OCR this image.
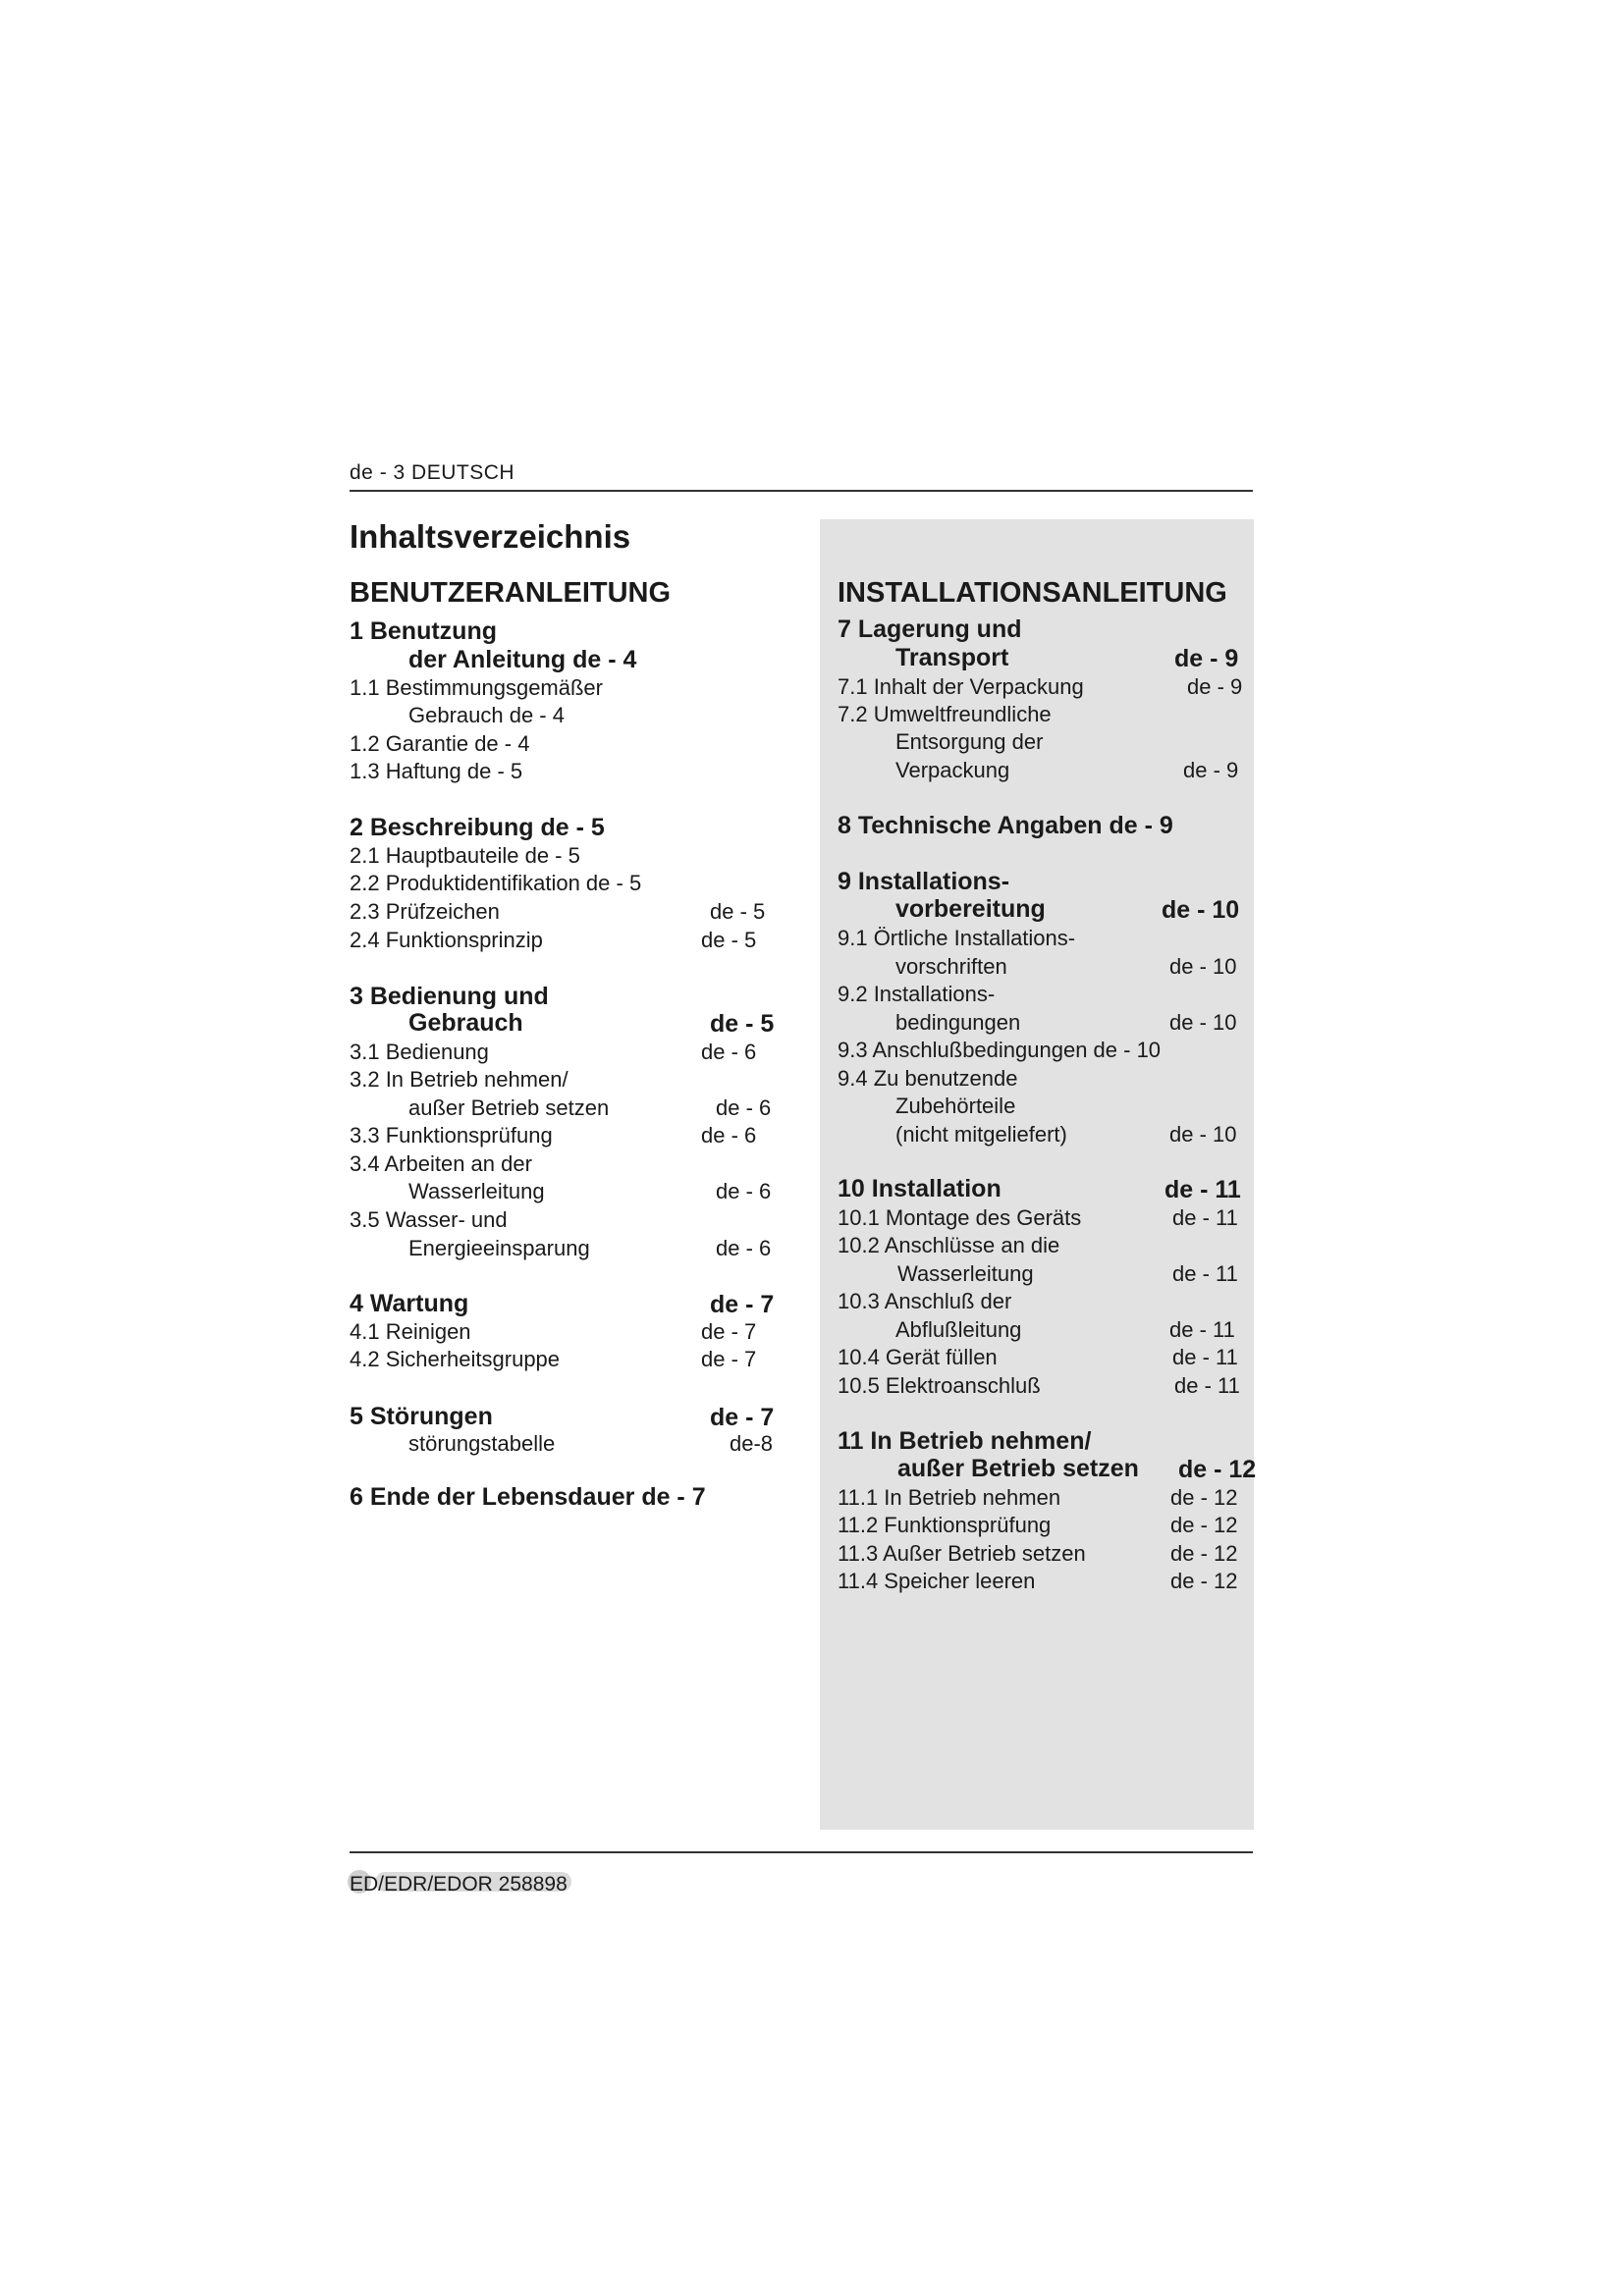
de - 3 DEUTSCH
Inhaltsverzeichnis
BENUTZERANLEITUNG	INSTALLATIONSANLEITUNG
1 Benutzung
der Anleitung de - 4
1.1 Bestimmungsgemäßer
Gebrauch de - 4
1.2 Garantie de - 4
1.3 Haftung de - 5
2 Beschreibung de - 5
2.1 Hauptbauteile de - 5
2.2 Produktidentifikation de - 5
2.3 Prüfzeichen	de - 5
2.4 Funktionsprinzip	de - 5
3 Bedienung und
Gebrauch	de - 5
3.1 Bedienung	de - 6
3.2 In Betrieb nehmen/
außer Betrieb setzen	de - 6
3.3 Funktionsprüfung	de - 6
3.4 Arbeiten an der
Wasserleitung	de - 6
3.5 Wasser- und
Energieeinsparung	de - 6
4 Wartung	de - 7
4.1 Reinigen	de - 7
4.2 Sicherheitsgruppe	de - 7
5 Störungen	de - 7
störungstabelle	de-8
6 Ende der Lebensdauer de - 7
7 Lagerung und
Transport	de - 9
7.1 Inhalt der Verpackung	de - 9
7.2 Umweltfreundliche
Entsorgung der
Verpackung	de - 9
8 Technische Angaben de - 9
9 Installations-
vorbereitung	de - 10
9.1 Örtliche Installations-
vorschriften	de - 10
9.2 Installations-
bedingungen	de - 10
9.3 Anschlußbedingungen de - 10
9.4 Zu benutzende
Zubehörteile
(nicht mitgeliefert)	de - 10
10 Installation	de - 11
10.1 Montage des Geräts	de - 11
10.2 Anschlüsse an die
Wasserleitung	de - 11
10.3 Anschluß der
Abflußleitung	de - 11
10.4 Gerät füllen	de - 11
10.5 Elektroanschluß	de - 11
11 In Betrieb nehmen/
außer Betrieb setzen de - 12
11.1 In Betrieb nehmen	de - 12
11.2 Funktionsprüfung	de - 12
11.3 Außer Betrieb setzen	de - 12
11.4 Speicher leeren	de - 12
ED/EDR/EDOR 258898
